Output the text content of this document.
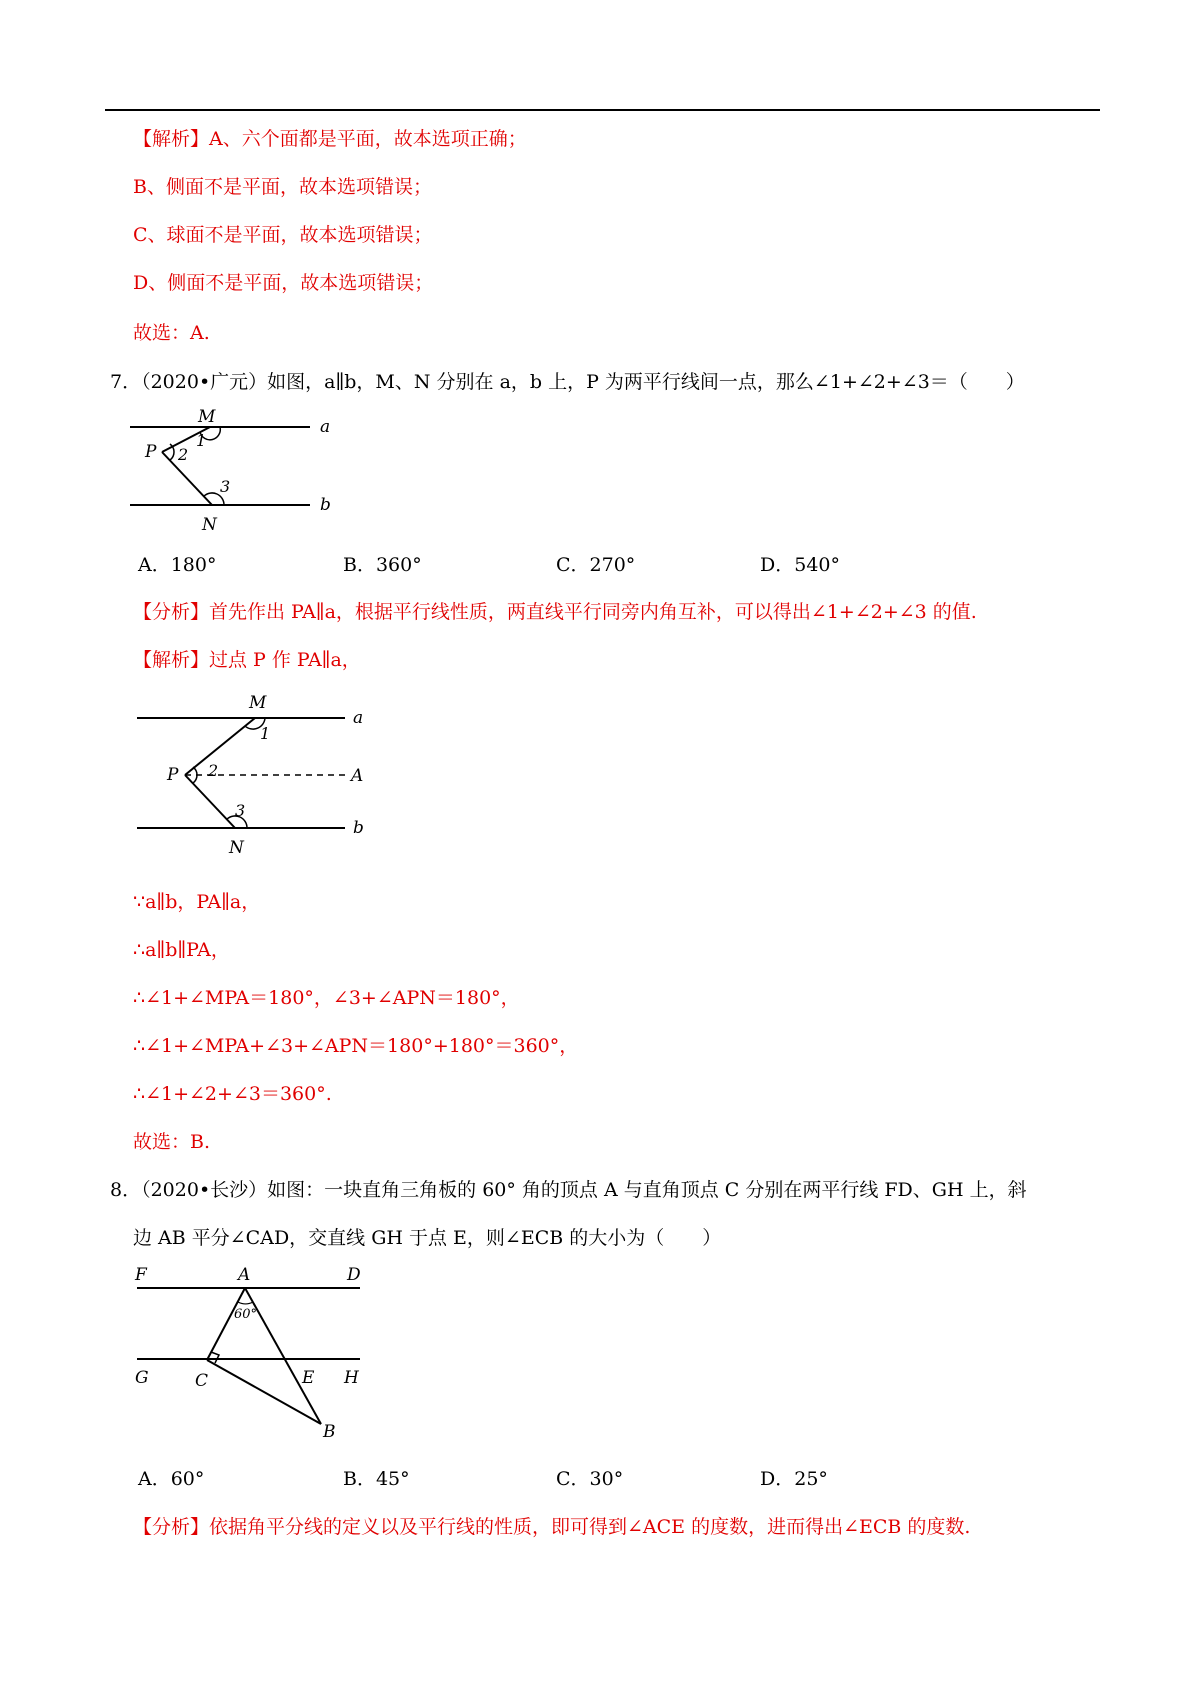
【解析】A、六个面都是平面，故本选项正确；
B、侧面不是平面，故本选项错误；
C、球面不是平面，故本选项错误；
D、侧面不是平面，故本选项错误；
故选：A.
7．（2020•广元）如图，a∥b，M、N 分别在 a，b 上，P 为两平行线间一点，那么∠1+∠2+∠3＝（　　）
M
P
N
a
b
1
2
3
A．180°	B．360°	C．270°	D．540°
【分析】首先作出 PA∥a，根据平行线性质，两直线平行同旁内角互补，可以得出∠1+∠2+∠3 的值.
【解析】过点 P 作 PA∥a，
M
P
N
a
b
A
1
2
3
∵a∥b，PA∥a，
∴a∥b∥PA，
∴∠1+∠MPA＝180°，∠3+∠APN＝180°，
∴∠1+∠MPA+∠3+∠APN＝180°+180°＝360°，
∴∠1+∠2+∠3＝360°.
故选：B.
8．（2020•长沙）如图：一块直角三角板的 60° 角的顶点 A 与直角顶点 C 分别在两平行线 FD、GH 上，斜
边 AB 平分∠CAD，交直线 GH 于点 E，则∠ECB 的大小为（　　）
F	A	D
G	C	E H
B
60°
A．60°	B．45°	C．30°	D．25°
【分析】依据角平分线的定义以及平行线的性质，即可得到∠ACE 的度数，进而得出∠ECB 的度数.
